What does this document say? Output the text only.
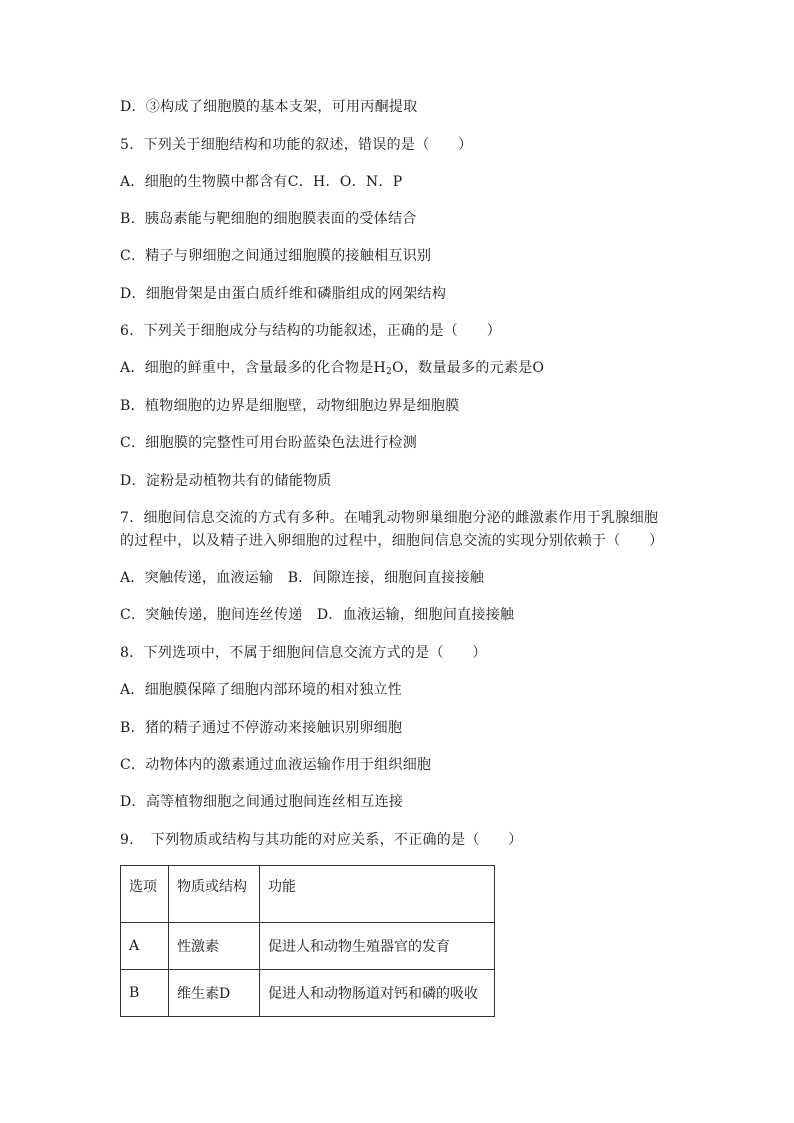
D．③构成了细胞膜的基本支架，可用丙酮提取
5．下列关于细胞结构和功能的叙述，错误的是（　　）
A．细胞的生物膜中都含有C．H．O．N．P
B．胰岛素能与靶细胞的细胞膜表面的受体结合
C．精子与卵细胞之间通过细胞膜的接触相互识别
D．细胞骨架是由蛋白质纤维和磷脂组成的网架结构
6．下列关于细胞成分与结构的功能叙述，正确的是（　　）
A．细胞的鲜重中，含量最多的化合物是$H_2O$，数量最多的元素是O
B．植物细胞的边界是细胞壁，动物细胞边界是细胞膜
C．细胞膜的完整性可用台盼蓝染色法进行检测
D．淀粉是动植物共有的储能物质
7．细胞间信息交流的方式有多种。在哺乳动物卵巢细胞分泌的雌激素作用于乳腺细胞
的过程中，以及精子进入卵细胞的过程中，细胞间信息交流的实现分别依赖于（　　）
A．突触传递，血液运输　B．间隙连接，细胞间直接接触
C．突触传递，胞间连丝传递　D．血液运输，细胞间直接接触
8．下列选项中，不属于细胞间信息交流方式的是（　　）
A．细胞膜保障了细胞内部环境的相对独立性
B．猪的精子通过不停游动来接触识别卵细胞
C．动物体内的激素通过血液运输作用于组织细胞
D．高等植物细胞之间通过胞间连丝相互连接
9．　下列物质或结构与其功能的对应关系，不正确的是（　　）
选项	物质或结构	功能
A	性激素	促进人和动物生殖器官的发育
B	维生素D	促进人和动物肠道对钙和磷的吸收
